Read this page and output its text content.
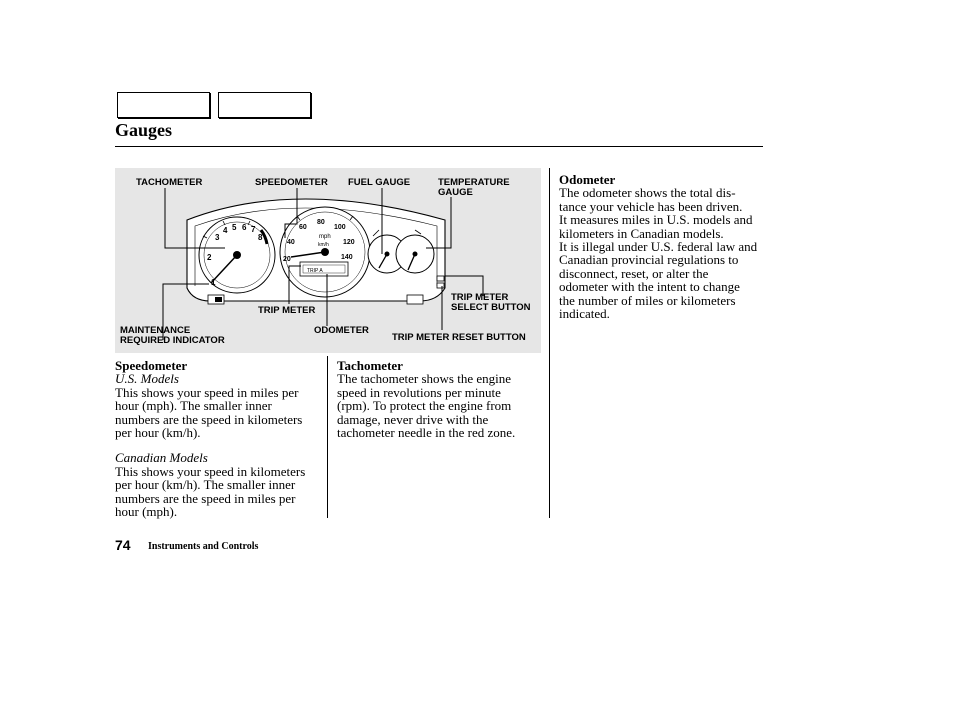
Gauges
1
2
3
4 5 6 7
8
20
40
60
80
100
120
140
mph
km/h
TRIP A
TACHOMETER	SPEEDOMETER FUEL GAUGE	TEMPERATURE
GAUGE
TRIP METER
ODOMETER
MAINTENANCE
REQUIRED INDICATOR
TRIP METER
SELECT BUTTON
TRIP METER RESET BUTTON
Speedometer

U.S. Models

This shows your speed in miles per

hour (mph). The smaller inner

numbers are the speed in kilometers

per hour (km/h).

Canadian Models

This shows your speed in kilometers

per hour (km/h). The smaller inner

numbers are the speed in miles per

hour (mph).

Tachometer

The tachometer shows the engine

speed in revolutions per minute

(rpm). To protect the engine from

damage, never drive with the

tachometer needle in the red zone.

Odometer

The odometer shows the total dis-

tance your vehicle has been driven.

It measures miles in U.S. models and

kilometers in Canadian models.

It is illegal under U.S. federal law and

Canadian provincial regulations to

disconnect, reset, or alter the

odometer with the intent to change

the number of miles or kilometers

indicated.

74 Instruments and Controls
